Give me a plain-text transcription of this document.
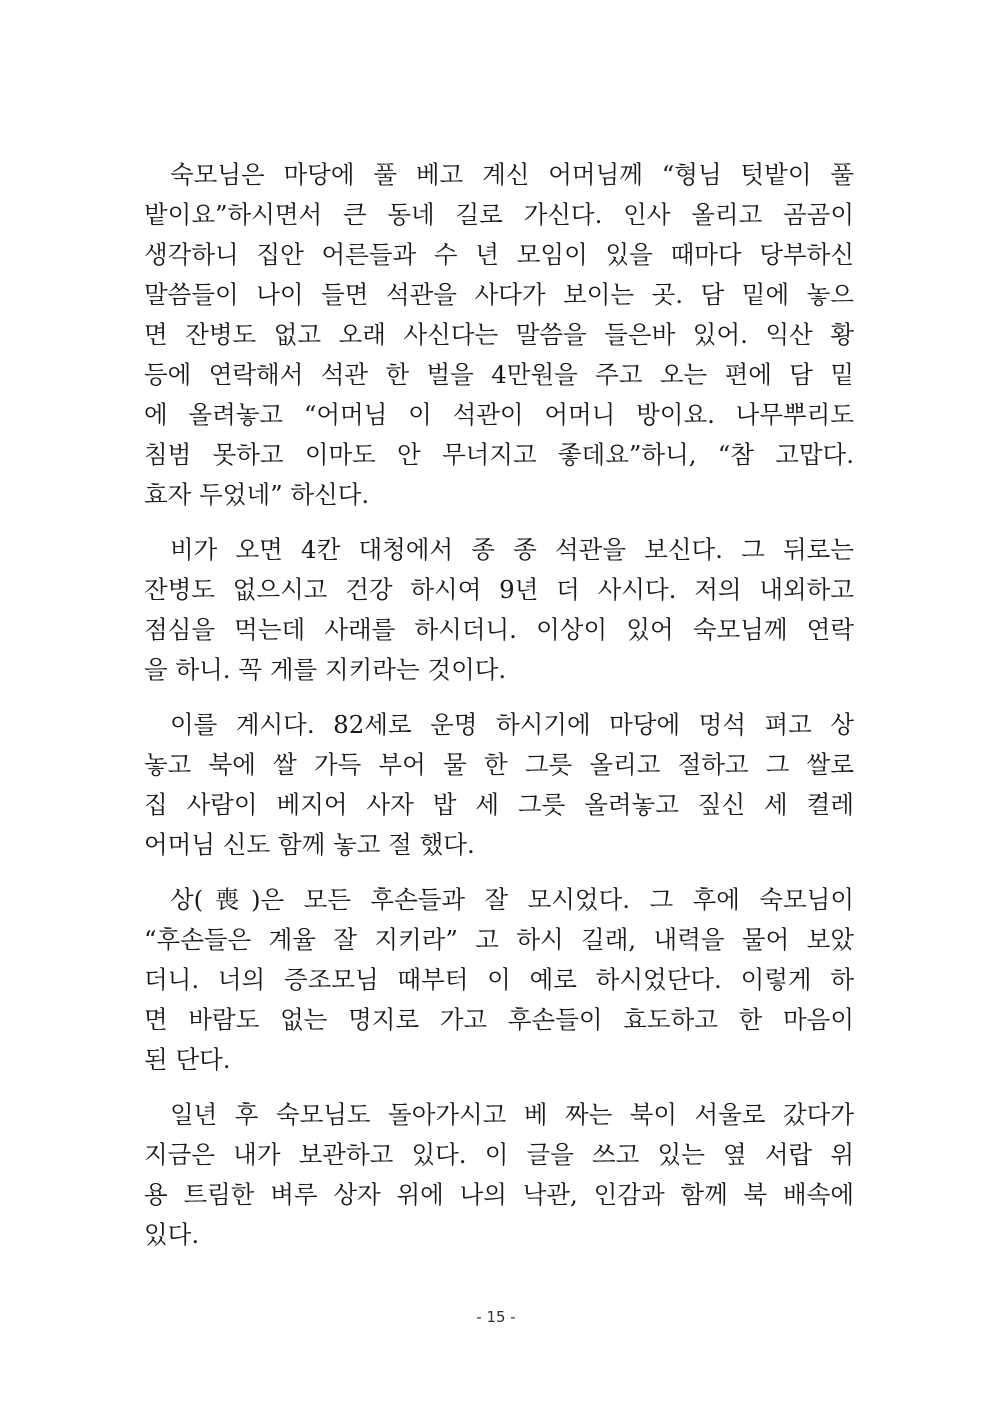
숙모님은 마당에 풀 베고 계신 어머님께 “형님 텃밭이 풀
밭이요”하시면서 큰 동네 길로 가신다. 인사 올리고 곰곰이
생각하니 집안 어른들과 수 년 모임이 있을 때마다 당부하신
말씀들이 나이 들면 석관을 사다가 보이는 곳. 담 밑에 놓으
면 잔병도 없고 오래 사신다는 말씀을 들은바 있어. 익산 황
등에 연락해서 석관 한 벌을 4만원을 주고 오는 편에 담 밑
에 올려놓고 “어머님 이 석관이 어머니 방이요. 나무뿌리도
침범 못하고 이마도 안 무너지고 좋데요”하니, “참 고맙다.
효자 두었네” 하신다.
비가 오면 4칸 대청에서 종 종 석관을 보신다. 그 뒤로는
잔병도 없으시고 건강 하시여 9년 더 사시다. 저의 내외하고
점심을 먹는데 사래를 하시더니. 이상이 있어 숙모님께 연락
을 하니. 꼭 게를 지키라는 것이다.
이를 계시다. 82세로 운명 하시기에 마당에 멍석 펴고 상
놓고 북에 쌀 가득 부어 물 한 그릇 올리고 절하고 그 쌀로
집 사람이 베지어 사자 밥 세 그릇 올려놓고 짚신 세 켤레
어머님 신도 함께 놓고 절 했다.
상(喪)은 모든 후손들과 잘 모시었다. 그 후에 숙모님이
“후손들은 계율 잘 지키라” 고 하시 길래, 내력을 물어 보았
더니. 너의 증조모님 때부터 이 예로 하시었단다. 이렇게 하
면 바람도 없는 명지로 가고 후손들이 효도하고 한 마음이
된 단다.
일년 후 숙모님도 돌아가시고 베 짜는 북이 서울로 갔다가
지금은 내가 보관하고 있다. 이 글을 쓰고 있는 옆 서랍 위
용 트림한 벼루 상자 위에 나의 낙관, 인감과 함께 북 배속에
있다.
- 15 -
